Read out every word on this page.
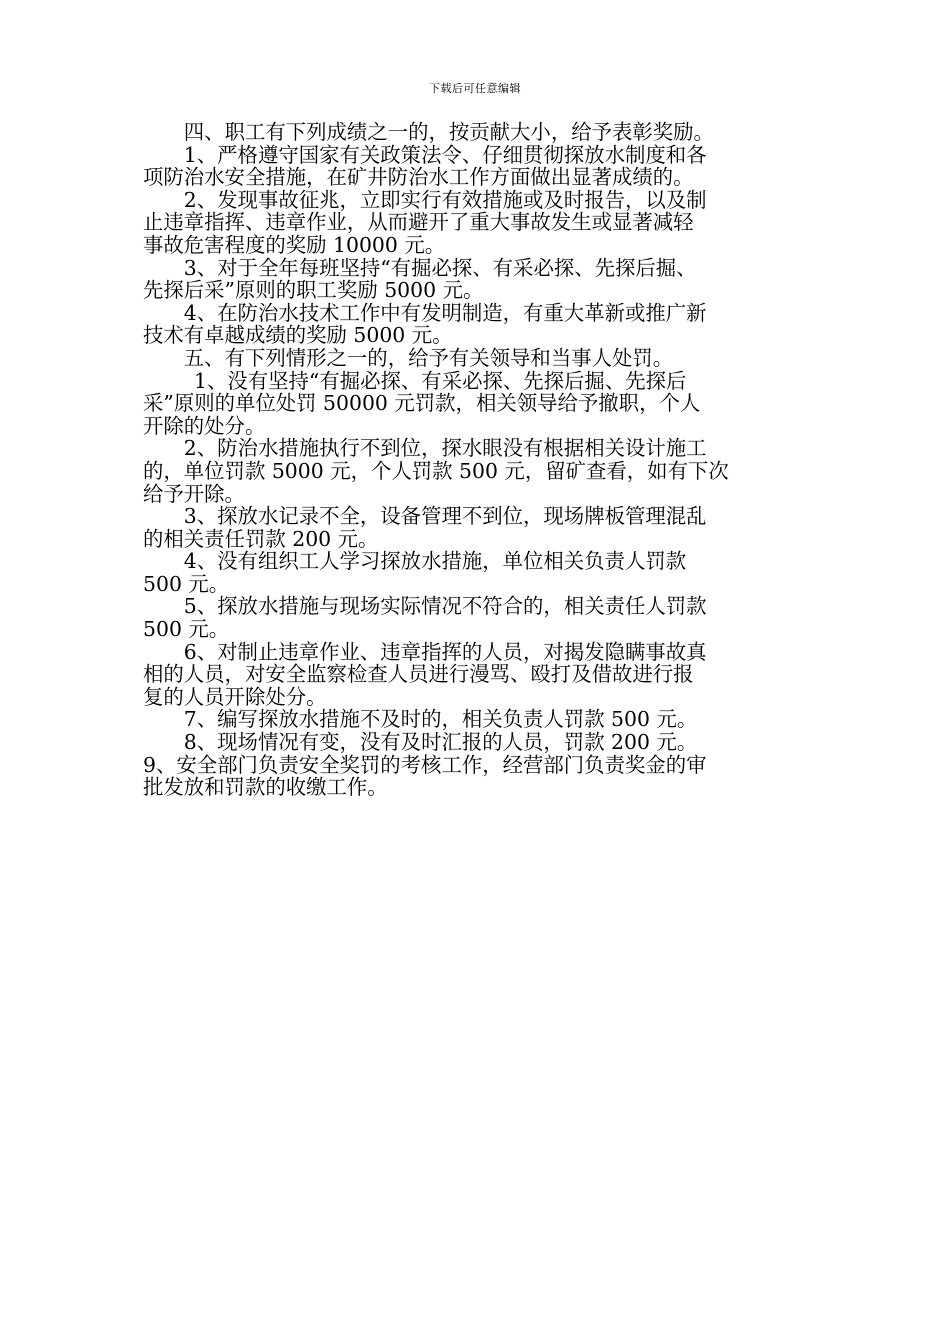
下载后可任意编辑

四、职工有下列成绩之一的，按贡献大小，给予表彰奖励。

1、严格遵守国家有关政策法令、仔细贯彻探放水制度和各
项防治水安全措施，在矿井防治水工作方面做出显著成绩的。

2、发现事故征兆，立即实行有效措施或及时报告，以及制
止违章指挥、违章作业，从而避开了重大事故发生或显著减轻
事故危害程度的奖励 10000 元。

3、对于全年每班坚持“有掘必探、有采必探、先探后掘、
先探后采”原则的职工奖励 5000 元。

4、在防治水技术工作中有发明制造，有重大革新或推广新
技术有卓越成绩的奖励 5000 元。

五、有下列情形之一的，给予有关领导和当事人处罚。

1、没有坚持“有掘必探、有采必探、先探后掘、先探后
采”原则的单位处罚 50000 元罚款，相关领导给予撤职，个人
开除的处分。

2、防治水措施执行不到位，探水眼没有根据相关设计施工
的，单位罚款 5000 元，个人罚款 500 元，留矿查看，如有下次
给予开除。

3、探放水记录不全，设备管理不到位，现场牌板管理混乱
的相关责任罚款 200 元。

4、没有组织工人学习探放水措施，单位相关负责人罚款
500 元。

5、探放水措施与现场实际情况不符合的，相关责任人罚款
500 元。

6、对制止违章作业、违章指挥的人员，对揭发隐瞒事故真
相的人员，对安全监察检查人员进行漫骂、殴打及借故进行报
复的人员开除处分。

7、编写探放水措施不及时的，相关负责人罚款 500 元。

8、现场情况有变，没有及时汇报的人员，罚款 200 元。

9、安全部门负责安全奖罚的考核工作，经营部门负责奖金的审
批发放和罚款的收缴工作。
